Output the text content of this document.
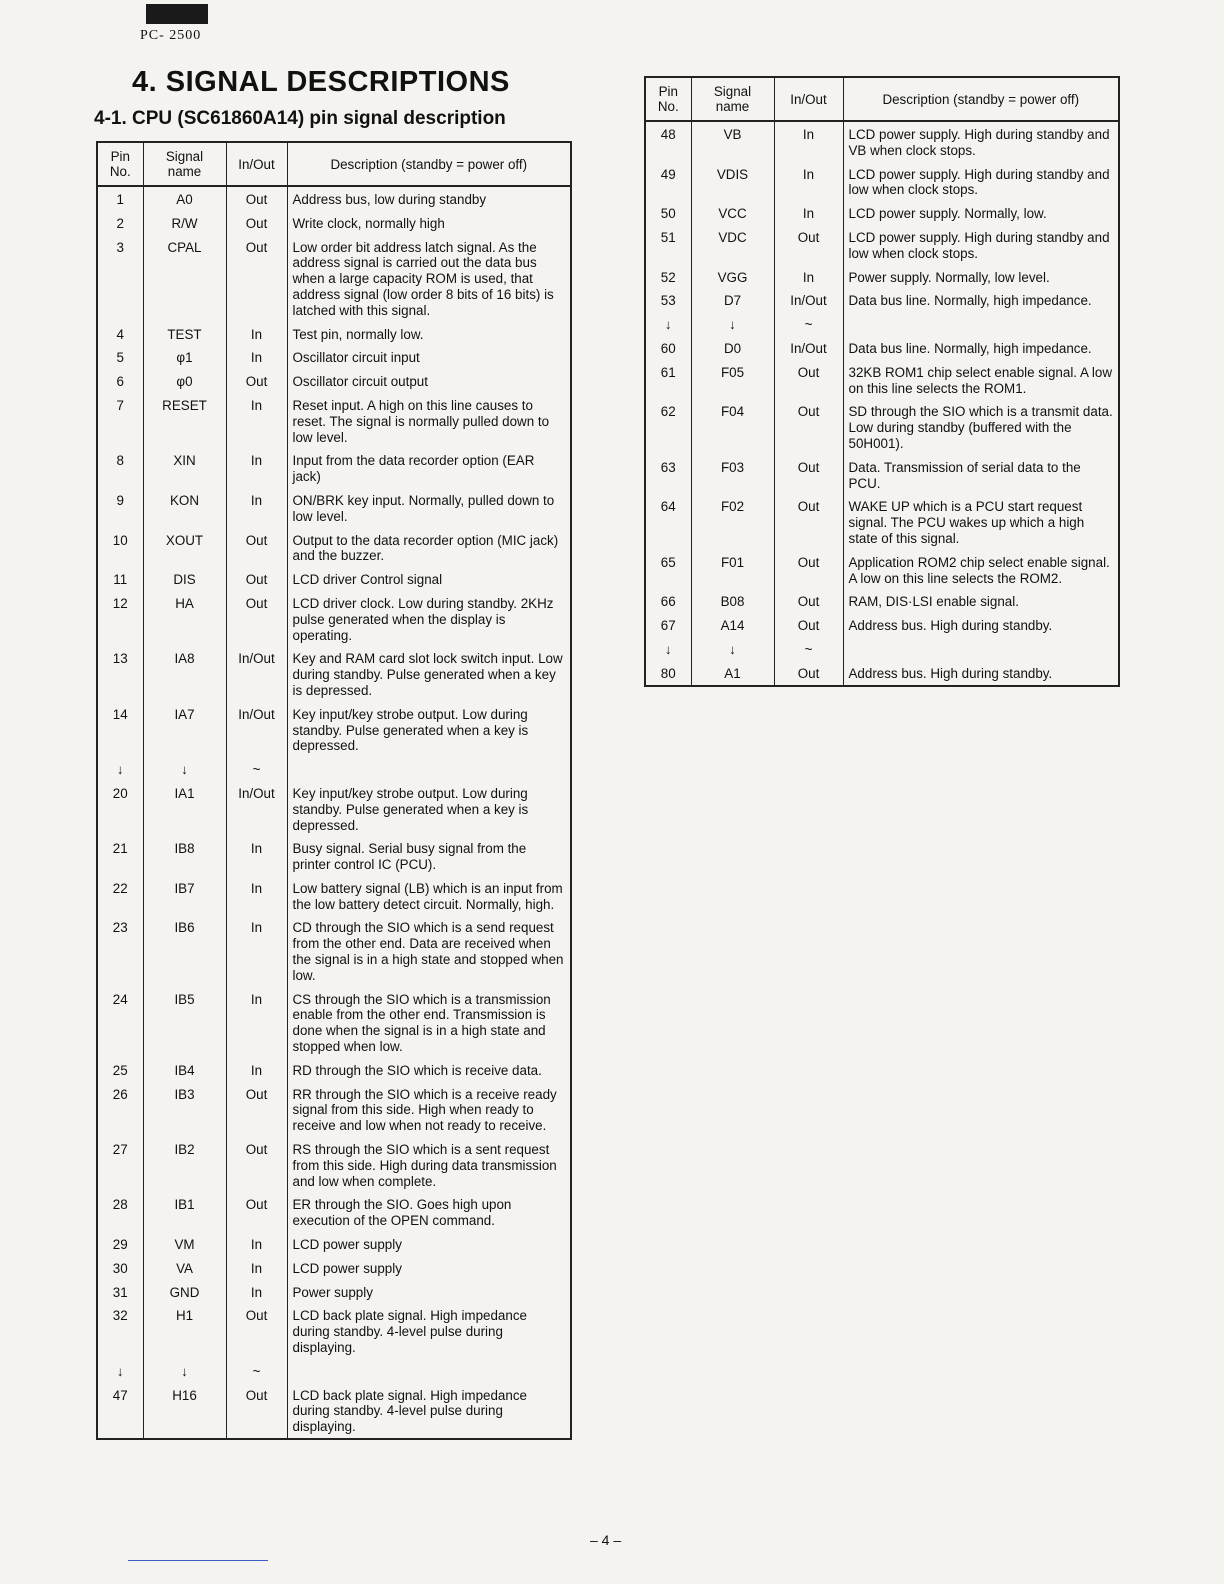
PC- 2500
4. SIGNAL DESCRIPTIONS
4-1. CPU (SC61860A14) pin signal description
Pin No.	Signal name	In/Out	Description (standby = power off)
1	A0	Out	Address bus, low during standby
2	R/W	Out	Write clock, normally high
3	CPAL	Out	Low order bit address latch signal. As the address signal is carried out the data bus when a large capacity ROM is used, that address signal (low order 8 bits of 16 bits) is latched with this signal.
4	TEST	In	Test pin, normally low.
5	φ1	In	Oscillator circuit input
6	φ0	Out	Oscillator circuit output
7	RESET	In	Reset input. A high on this line causes to reset. The signal is normally pulled down to low level.
8	XIN	In	Input from the data recorder option (EAR jack)
9	KON	In	ON/BRK key input. Normally, pulled down to low level.
10	XOUT	Out	Output to the data recorder option (MIC jack) and the buzzer.
11	DIS	Out	LCD driver Control signal
12	HA	Out	LCD driver clock. Low during standby. 2KHz pulse generated when the display is operating.
13	IA8	In/Out	Key and RAM card slot lock switch input. Low during standby. Pulse generated when a key is depressed.
14	IA7	In/Out	Key input/key strobe output. Low during standby. Pulse generated when a key is depressed.
↓	↓	~	
20	IA1	In/Out	Key input/key strobe output. Low during standby. Pulse generated when a key is depressed.
21	IB8	In	Busy signal. Serial busy signal from the printer control IC (PCU).
22	IB7	In	Low battery signal (LB) which is an input from the low battery detect circuit. Normally, high.
23	IB6	In	CD through the SIO which is a send request from the other end. Data are received when the signal is in a high state and stopped when low.
24	IB5	In	CS through the SIO which is a transmission enable from the other end. Transmission is done when the signal is in a high state and stopped when low.
25	IB4	In	RD through the SIO which is receive data.
26	IB3	Out	RR through the SIO which is a receive ready signal from this side. High when ready to receive and low when not ready to receive.
27	IB2	Out	RS through the SIO which is a sent request from this side. High during data transmission and low when complete.
28	IB1	Out	ER through the SIO. Goes high upon execution of the OPEN command.
29	VM	In	LCD power supply
30	VA	In	LCD power supply
31	GND	In	Power supply
32	H1	Out	LCD back plate signal. High impedance during standby. 4-level pulse during displaying.
↓	↓	~	
47	H16	Out	LCD back plate signal. High impedance during standby. 4-level pulse during displaying.
Pin No.	Signal name	In/Out	Description (standby = power off)
48	VB	In	LCD power supply. High during standby and VB when clock stops.
49	VDIS	In	LCD power supply. High during standby and low when clock stops.
50	VCC	In	LCD power supply. Normally, low.
51	VDC	Out	LCD power supply. High during standby and low when clock stops.
52	VGG	In	Power supply. Normally, low level.
53	D7	In/Out	Data bus line. Normally, high impedance.
↓	↓	~	
60	D0	In/Out	Data bus line. Normally, high impedance.
61	F05	Out	32KB ROM1 chip select enable signal. A low on this line selects the ROM1.
62	F04	Out	SD through the SIO which is a transmit data. Low during standby (buffered with the 50H001).
63	F03	Out	Data. Transmission of serial data to the PCU.
64	F02	Out	WAKE UP which is a PCU start request signal. The PCU wakes up which a high state of this signal.
65	F01	Out	Application ROM2 chip select enable signal. A low on this line selects the ROM2.
66	B08	Out	RAM, DIS·LSI enable signal.
67	A14	Out	Address bus. High during standby.
↓	↓	~	
80	A1	Out	Address bus. High during standby.
– 4 –
